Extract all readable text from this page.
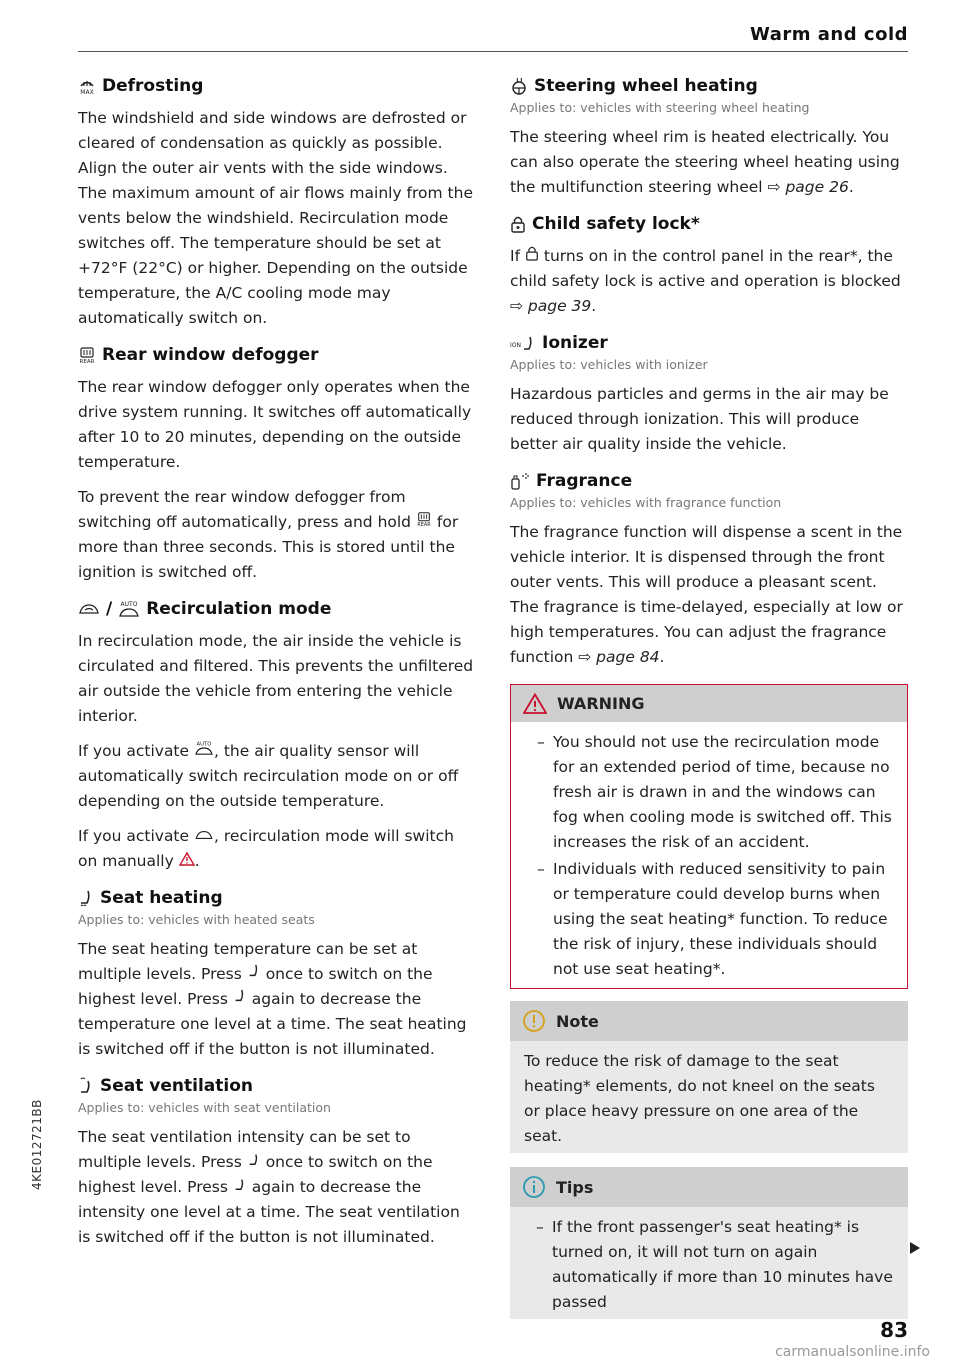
Warm and cold
4KE012721BB
MAX Defrosting

The windshield and side windows are defrosted or cleared of condensation as quickly as possible. Align the outer air vents with the side windows. The maximum amount of air flows mainly from the vents below the windshield. Recirculation mode switches off. The temperature should be set at +72°F (22°C) or higher. Depending on the outside temperature, the A/C cooling mode may automatically switch on.

REAR Rear window defogger

The rear window defogger only operates when the drive system running. It switches off automatically after 10 to 20 minutes, depending on the outside temperature.

To prevent the rear window defogger from switching off automatically, press and hold REAR for more than three seconds. This is stored until the ignition is switched off.

/ AUTO Recirculation mode

In recirculation mode, the air inside the vehicle is circulated and filtered. This prevents the unfiltered air outside the vehicle from entering the vehicle interior.

If you activate AUTO , the air quality sensor will automatically switch recirculation mode on or off depending on the outside temperature.

If you activate , recirculation mode will switch on manually .

Seat heating
Applies to: vehicles with heated seats

The seat heating temperature can be set at multiple levels. Press once to switch on the highest level. Press again to decrease the temperature one level at a time. The seat heating is switched off if the button is not illuminated.

Seat ventilation
Applies to: vehicles with seat ventilation

The seat ventilation intensity can be set to multiple levels. Press once to switch on the highest level. Press again to decrease the intensity one level at a time. The seat ventilation is switched off if the button is not illuminated.

Steering wheel heating
Applies to: vehicles with steering wheel heating

The steering wheel rim is heated electrically. You can also operate the steering wheel heating using the multifunction steering wheel ⇨ page 26.

Child safety lock*

If turns on in the control panel in the rear*, the child safety lock is active and operation is blocked ⇨ page 39.

ION Ionizer
Applies to: vehicles with ionizer

Hazardous particles and germs in the air may be reduced through ionization. This will produce better air quality inside the vehicle.

Fragrance
Applies to: vehicles with fragrance function

The fragrance function will dispense a scent in the vehicle interior. It is dispensed through the front outer vents. This will produce a pleasant scent. The fragrance is time-delayed, especially at low or high temperatures. You can adjust the fragrance function ⇨ page 84.

WARNING
– You should not use the recirculation mode for an extended period of time, because no fresh air is drawn in and the windows can fog when cooling mode is switched off. This increases the risk of an accident.
– Individuals with reduced sensitivity to pain or temperature could develop burns when using the seat heating* function. To reduce the risk of injury, these individuals should not use seat heating*.
Note

To reduce the risk of damage to the seat heating* elements, do not kneel on the seats or place heavy pressure on one area of the seat.

Tips
– If the front passenger's seat heating* is turned on, it will not turn on again automatically if more than 10 minutes have passed
83
carmanualsonline.info
